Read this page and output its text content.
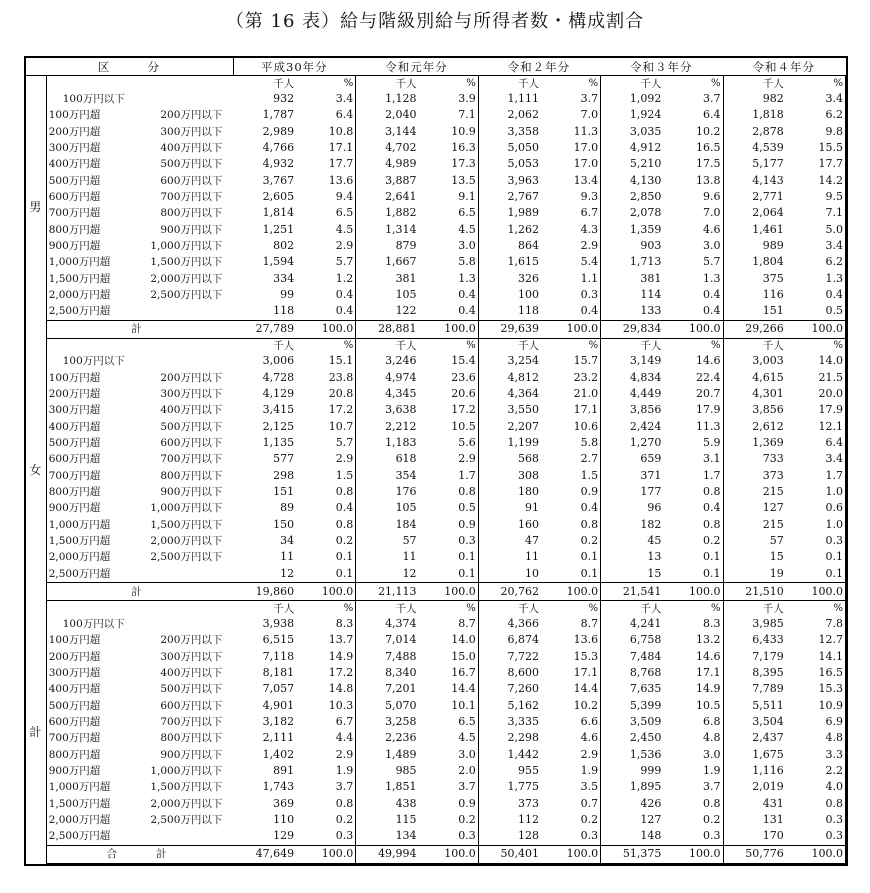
（第 16 表）給与階級別給与所得者数・構成割合
区　　　分		平成30年分		令和元年分		令和２年分		令和３年分		令和４年分	
男		千人	%	千人	%	千人	%	千人	%	千人	%

	100万円以下	932	3.4	1,128	3.9	1,111	3.7	1,092	3.7	982	3.4

	100万円超 200万円以下	1,787	6.4	2,040	7.1	2,062	7.0	1,924	6.4	1,818	6.2

	200万円超 300万円以下	2,989	10.8	3,144	10.9	3,358	11.3	3,035	10.2	2,878	9.8

	300万円超 400万円以下	4,766	17.1	4,702	16.3	5,050	17.0	4,912	16.5	4,539	15.5

	400万円超 500万円以下	4,932	17.7	4,989	17.3	5,053	17.0	5,210	17.5	5,177	17.7

	500万円超 600万円以下	3,767	13.6	3,887	13.5	3,963	13.4	4,130	13.8	4,143	14.2

	600万円超 700万円以下	2,605	9.4	2,641	9.1	2,767	9.3	2,850	9.6	2,771	9.5

	700万円超 800万円以下	1,814	6.5	1,882	6.5	1,989	6.7	2,078	7.0	2,064	7.1

	800万円超 900万円以下	1,251	4.5	1,314	4.5	1,262	4.3	1,359	4.6	1,461	5.0

	900万円超 1,000万円以下	802	2.9	879	3.0	864	2.9	903	3.0	989	3.4

	1,000万円超 1,500万円以下	1,594	5.7	1,667	5.8	1,615	5.4	1,713	5.7	1,804	6.2

	1,500万円超 2,000万円以下	334	1.2	381	1.3	326	1.1	381	1.3	375	1.3

	2,000万円超 2,500万円以下	99	0.4	105	0.4	100	0.3	114	0.4	116	0.4

	2,500万円超	118	0.4	122	0.4	118	0.4	133	0.4	151	0.5
	計	27,789	100.0	28,881	100.0	29,639	100.0	29,834	100.0	29,266	100.0
女		千人	%	千人	%	千人	%	千人	%	千人	%

	100万円以下	3,006	15.1	3,246	15.4	3,254	15.7	3,149	14.6	3,003	14.0

	100万円超 200万円以下	4,728	23.8	4,974	23.6	4,812	23.2	4,834	22.4	4,615	21.5

	200万円超 300万円以下	4,129	20.8	4,345	20.6	4,364	21.0	4,449	20.7	4,301	20.0

	300万円超 400万円以下	3,415	17.2	3,638	17.2	3,550	17.1	3,856	17.9	3,856	17.9

	400万円超 500万円以下	2,125	10.7	2,212	10.5	2,207	10.6	2,424	11.3	2,612	12.1

	500万円超 600万円以下	1,135	5.7	1,183	5.6	1,199	5.8	1,270	5.9	1,369	6.4

	600万円超 700万円以下	577	2.9	618	2.9	568	2.7	659	3.1	733	3.4

	700万円超 800万円以下	298	1.5	354	1.7	308	1.5	371	1.7	373	1.7

	800万円超 900万円以下	151	0.8	176	0.8	180	0.9	177	0.8	215	1.0

	900万円超 1,000万円以下	89	0.4	105	0.5	91	0.4	96	0.4	127	0.6

	1,000万円超 1,500万円以下	150	0.8	184	0.9	160	0.8	182	0.8	215	1.0

	1,500万円超 2,000万円以下	34	0.2	57	0.3	47	0.2	45	0.2	57	0.3

	2,000万円超 2,500万円以下	11	0.1	11	0.1	11	0.1	13	0.1	15	0.1

	2,500万円超	12	0.1	12	0.1	10	0.1	15	0.1	19	0.1
	計	19,860	100.0	21,113	100.0	20,762	100.0	21,541	100.0	21,510	100.0
計		千人	%	千人	%	千人	%	千人	%	千人	%

	100万円以下	3,938	8.3	4,374	8.7	4,366	8.7	4,241	8.3	3,985	7.8

	100万円超 200万円以下	6,515	13.7	7,014	14.0	6,874	13.6	6,758	13.2	6,433	12.7

	200万円超 300万円以下	7,118	14.9	7,488	15.0	7,722	15.3	7,484	14.6	7,179	14.1

	300万円超 400万円以下	8,181	17.2	8,340	16.7	8,600	17.1	8,768	17.1	8,395	16.5

	400万円超 500万円以下	7,057	14.8	7,201	14.4	7,260	14.4	7,635	14.9	7,789	15.3

	500万円超 600万円以下	4,901	10.3	5,070	10.1	5,162	10.2	5,399	10.5	5,511	10.9

	600万円超 700万円以下	3,182	6.7	3,258	6.5	3,335	6.6	3,509	6.8	3,504	6.9

	700万円超 800万円以下	2,111	4.4	2,236	4.5	2,298	4.6	2,450	4.8	2,437	4.8

	800万円超 900万円以下	1,402	2.9	1,489	3.0	1,442	2.9	1,536	3.0	1,675	3.3

	900万円超 1,000万円以下	891	1.9	985	2.0	955	1.9	999	1.9	1,116	2.2

	1,000万円超 1,500万円以下	1,743	3.7	1,851	3.7	1,775	3.5	1,895	3.7	2,019	4.0

	1,500万円超 2,000万円以下	369	0.8	438	0.9	373	0.7	426	0.8	431	0.8

	2,000万円超 2,500万円以下	110	0.2	115	0.2	112	0.2	127	0.2	131	0.3

	2,500万円超	129	0.3	134	0.3	128	0.3	148	0.3	170	0.3
	合　　計	47,649	100.0	49,994	100.0	50,401	100.0	51,375	100.0	50,776	100.0
